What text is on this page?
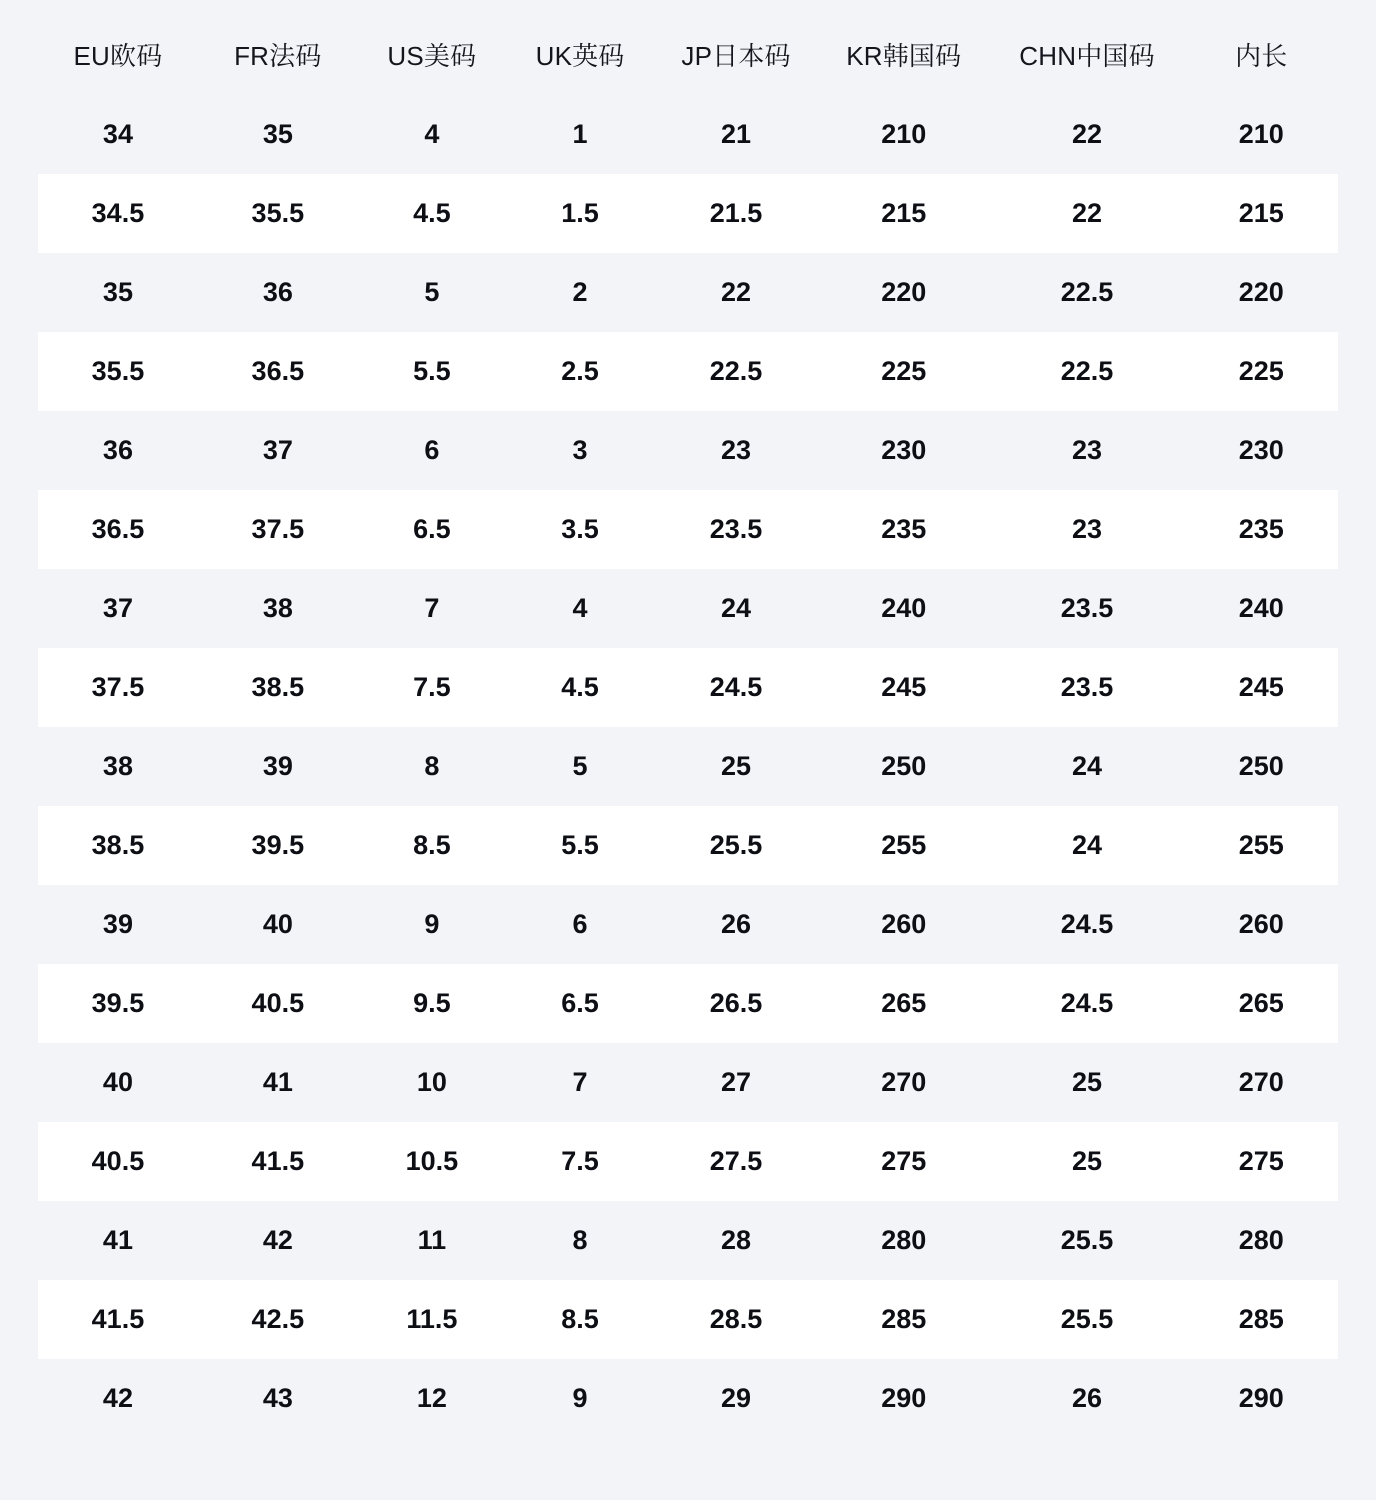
EU欧码	FR法码	US美码	UK英码	JP日本码	KR韩国码	CHN中国码	内长
34	35	4	1	21	210	22	210
34.5	35.5	4.5	1.5	21.5	215	22	215
35	36	5	2	22	220	22.5	220
35.5	36.5	5.5	2.5	22.5	225	22.5	225
36	37	6	3	23	230	23	230
36.5	37.5	6.5	3.5	23.5	235	23	235
37	38	7	4	24	240	23.5	240
37.5	38.5	7.5	4.5	24.5	245	23.5	245
38	39	8	5	25	250	24	250
38.5	39.5	8.5	5.5	25.5	255	24	255
39	40	9	6	26	260	24.5	260
39.5	40.5	9.5	6.5	26.5	265	24.5	265
40	41	10	7	27	270	25	270
40.5	41.5	10.5	7.5	27.5	275	25	275
41	42	11	8	28	280	25.5	280
41.5	42.5	11.5	8.5	28.5	285	25.5	285
42	43	12	9	29	290	26	290
